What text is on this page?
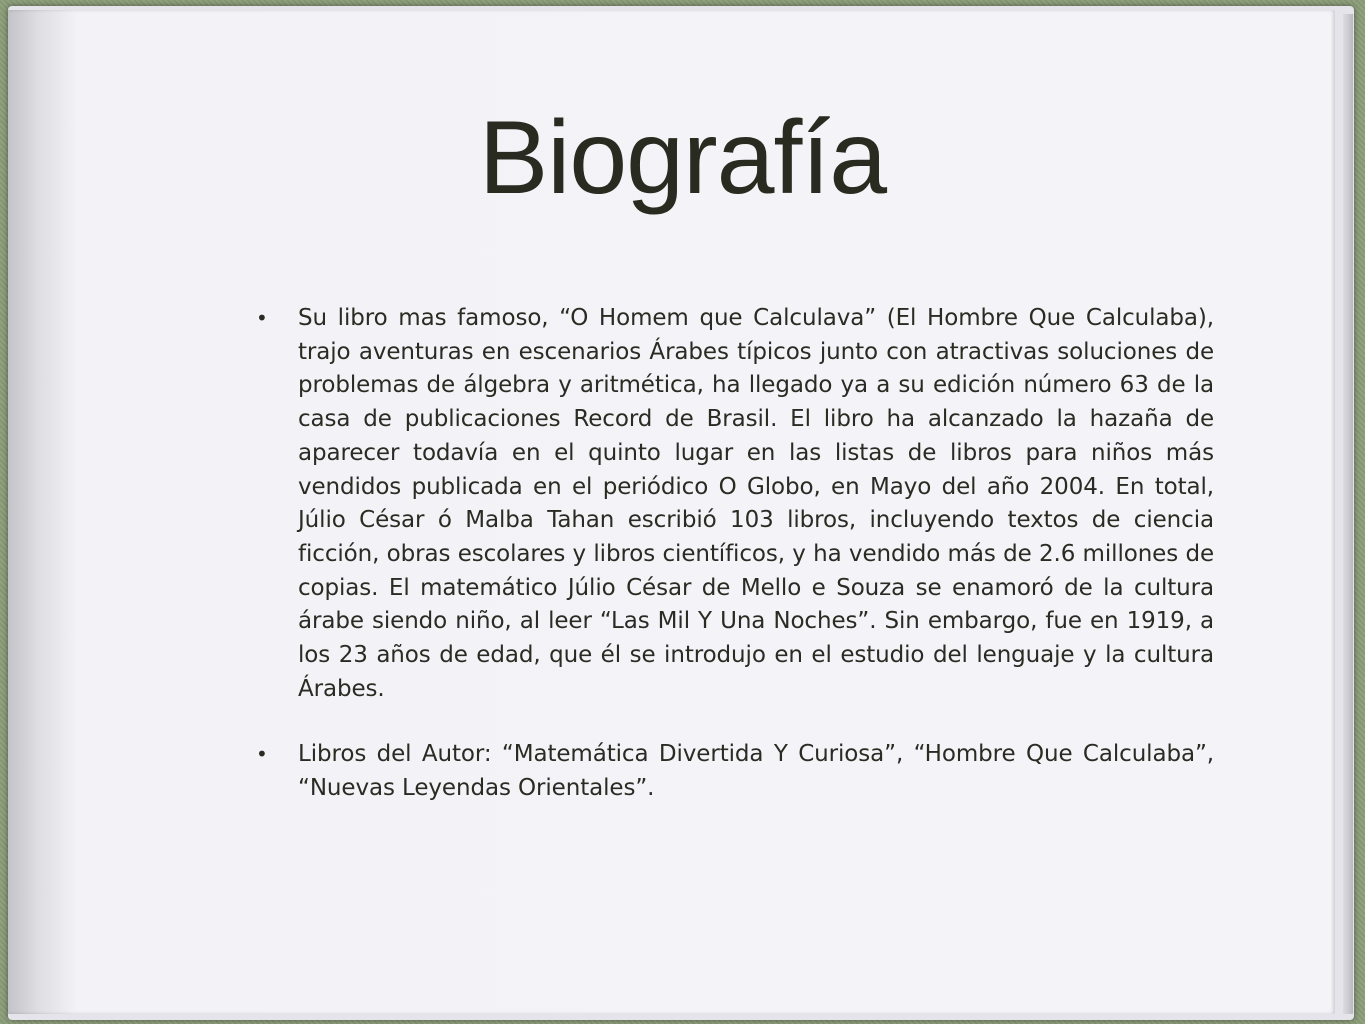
Biografía
• Su libro mas famoso, “O Homem que Calculava” (El Hombre Que Calculaba), trajo aventuras en escenarios Árabes típicos junto con atractivas soluciones de problemas de álgebra y aritmética, ha llegado ya a su edición número 63 de la casa de publicaciones Record de Brasil. El libro ha alcanzado la hazaña de aparecer todavía en el quinto lugar en las listas de libros para niños más vendidos publicada en el periódico O Globo, en Mayo del año 2004. En total, Júlio César ó Malba Tahan escribió 103 libros, incluyendo textos de ciencia ficción, obras escolares y libros científicos, y ha vendido más de 2.6 millones de copias. El matemático Júlio César de Mello e Souza se enamoró de la cultura árabe siendo niño, al leer “Las Mil Y Una Noches”. Sin embargo, fue en 1919, a los 23 años de edad, que él se introdujo en el estudio del lenguaje y la cultura Árabes.
• Libros del Autor: “Matemática Divertida Y Curiosa”, “Hombre Que Calculaba”, “Nuevas Leyendas Orientales”.
